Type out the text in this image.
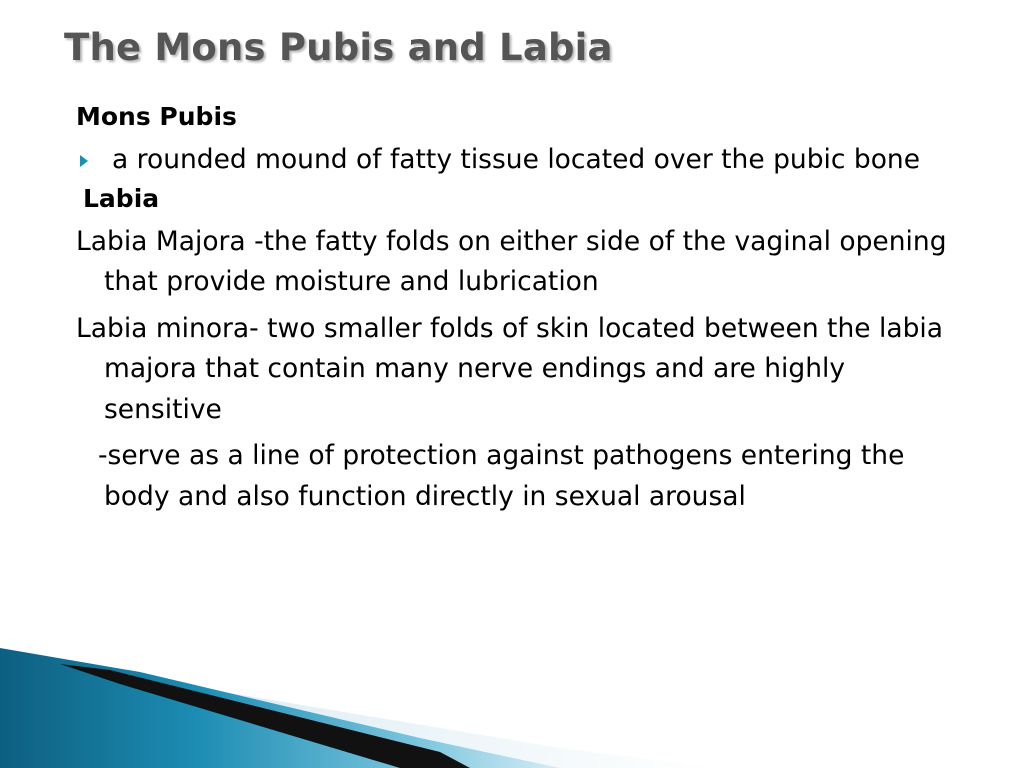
The Mons Pubis and Labia

Mons Pubis

a rounded mound of fatty tissue located over the pubic bone

Labia

Labia Majora -the fatty folds on either side of the vaginal opening that provide moisture and lubrication

Labia minora- two smaller folds of skin located between the labia majora that contain many nerve endings and are highly sensitive

-serve as a line of protection against pathogens entering the body and also function directly in sexual arousal
